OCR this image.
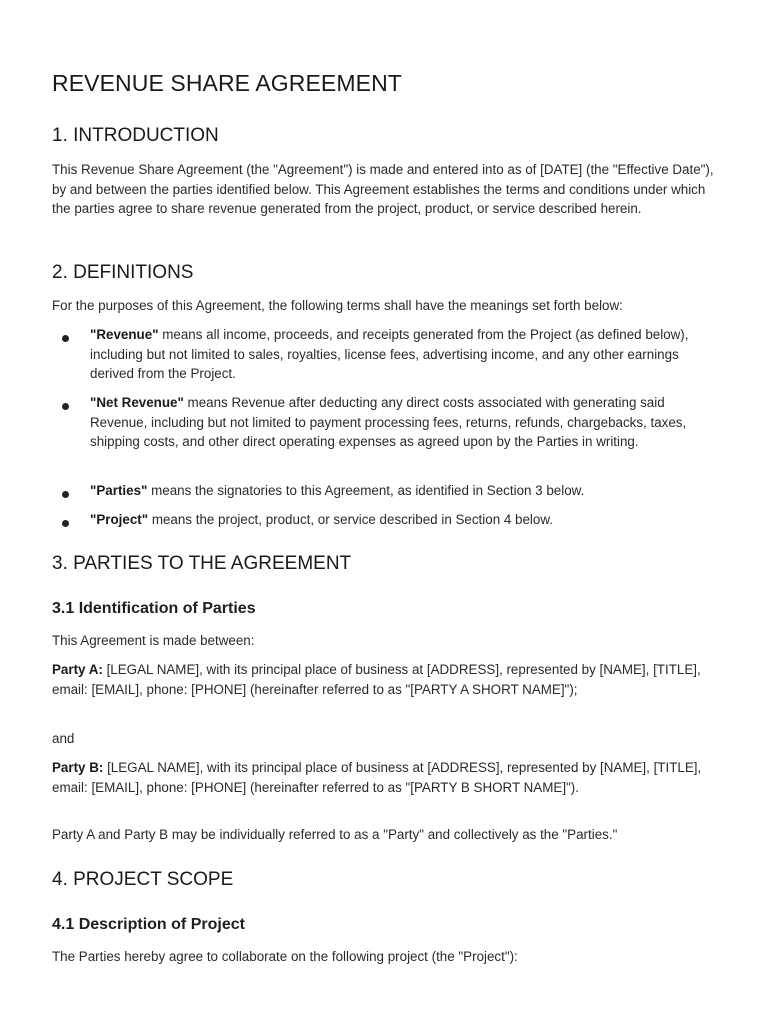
REVENUE SHARE AGREEMENT
1. INTRODUCTION
This Revenue Share Agreement (the "Agreement") is made and entered into as of [DATE] (the "Effective Date"), by and between the parties identified below. This Agreement establishes the terms and conditions under which the parties agree to share revenue generated from the project, product, or service described herein.
2. DEFINITIONS
For the purposes of this Agreement, the following terms shall have the meanings set forth below:
"Revenue" means all income, proceeds, and receipts generated from the Project (as defined below), including but not limited to sales, royalties, license fees, advertising income, and any other earnings derived from the Project.
"Net Revenue" means Revenue after deducting any direct costs associated with generating said Revenue, including but not limited to payment processing fees, returns, refunds, chargebacks, taxes, shipping costs, and other direct operating expenses as agreed upon by the Parties in writing.
"Parties" means the signatories to this Agreement, as identified in Section 3 below.
"Project" means the project, product, or service described in Section 4 below.
3. PARTIES TO THE AGREEMENT
3.1 Identification of Parties
This Agreement is made between:
Party A: [LEGAL NAME], with its principal place of business at [ADDRESS], represented by [NAME], [TITLE], email: [EMAIL], phone: [PHONE] (hereinafter referred to as "[PARTY A SHORT NAME]");
and
Party B: [LEGAL NAME], with its principal place of business at [ADDRESS], represented by [NAME], [TITLE], email: [EMAIL], phone: [PHONE] (hereinafter referred to as "[PARTY B SHORT NAME]").
Party A and Party B may be individually referred to as a "Party" and collectively as the "Parties."
4. PROJECT SCOPE
4.1 Description of Project
The Parties hereby agree to collaborate on the following project (the "Project"):
